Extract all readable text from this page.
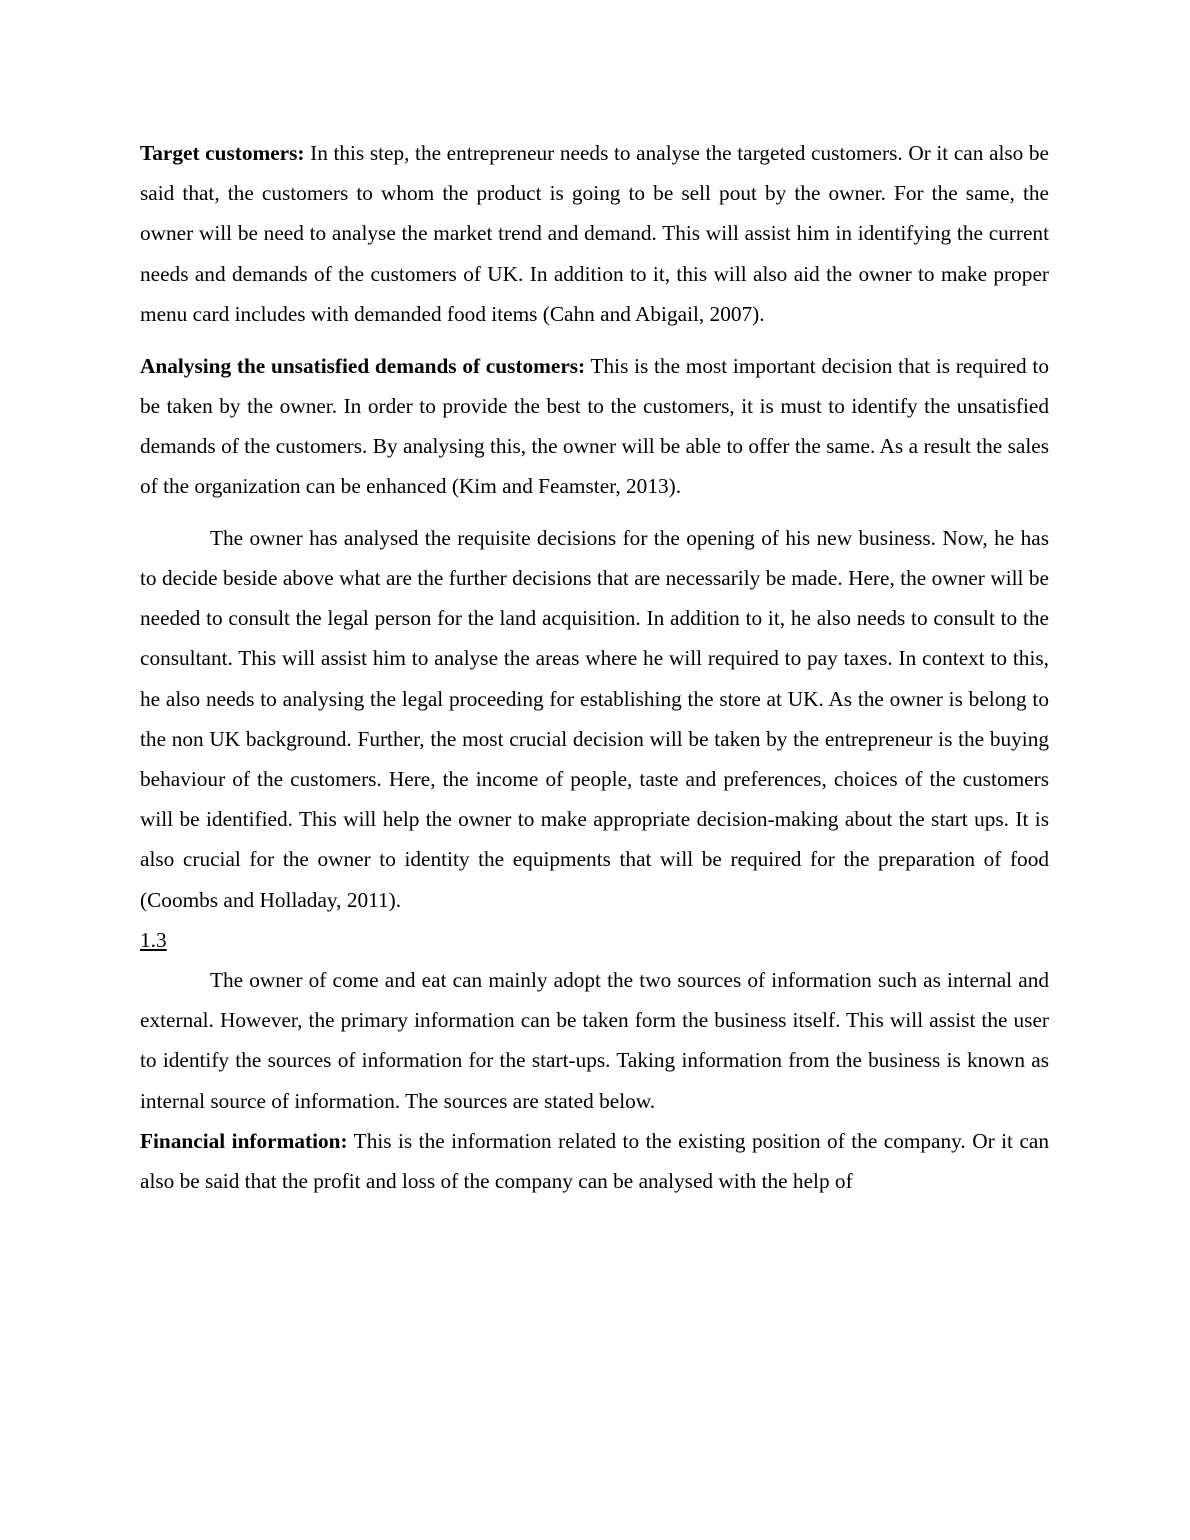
Target customers: In this step, the entrepreneur needs to analyse the targeted customers. Or it can also be said that, the customers to whom the product is going to be sell pout by the owner. For the same, the owner will be need to analyse the market trend and demand. This will assist him in identifying the current needs and demands of the customers of UK. In addition to it, this will also aid the owner to make proper menu card includes with demanded food items (Cahn and Abigail, 2007).

Analysing the unsatisfied demands of customers: This is the most important decision that is required to be taken by the owner. In order to provide the best to the customers, it is must to identify the unsatisfied demands of the customers. By analysing this, the owner will be able to offer the same. As a result the sales of the organization can be enhanced (Kim and Feamster, 2013).

The owner has analysed the requisite decisions for the opening of his new business. Now, he has to decide beside above what are the further decisions that are necessarily be made. Here, the owner will be needed to consult the legal person for the land acquisition. In addition to it, he also needs to consult to the consultant. This will assist him to analyse the areas where he will required to pay taxes. In context to this, he also needs to analysing the legal proceeding for establishing the store at UK. As the owner is belong to the non UK background. Further, the most crucial decision will be taken by the entrepreneur is the buying behaviour of the customers. Here, the income of people, taste and preferences, choices of the customers will be identified. This will help the owner to make appropriate decision-making about the start ups. It is also crucial for the owner to identity the equipments that will be required for the preparation of food (Coombs and Holladay, 2011).

1.3

The owner of come and eat can mainly adopt the two sources of information such as internal and external. However, the primary information can be taken form the business itself. This will assist the user to identify the sources of information for the start-ups. Taking information from the business is known as internal source of information. The sources are stated below.

Financial information: This is the information related to the existing position of the company. Or it can also be said that the profit and loss of the company can be analysed with the help of
